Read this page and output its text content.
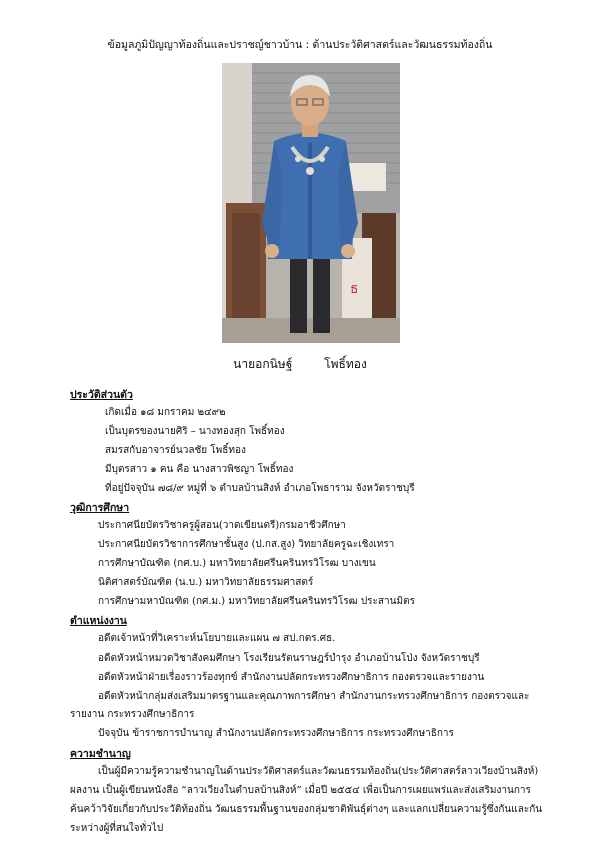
ข้อมูลภูมิปัญญาท้องถิ่นและปราชญ์ชาวบ้าน : ด้านประวัติศาสตร์และวัฒนธรรมท้องถิ่น
ธ
นายอกนิษฐ์	โพธิ์ทอง
ประวัติส่วนตัว
เกิดเมื่อ ๑๘ มกราคม ๒๔๙๒
เป็นบุตรของนายศิริ – นางทองสุก โพธิ์ทอง
สมรสกับอาจารย์นวลชัย โพธิ์ทอง
มีบุตรสาว ๑ คน คือ นางสาวพิชญา โพธิ์ทอง
ที่อยู่ปัจจุบัน ๗๘/๙ หมู่ที่ ๖ ตำบลบ้านสิงห์ อำเภอโพธาราม จังหวัดราชบุรี
วุฒิการศึกษา
ประกาศนียบัตรวิชาครูผู้สอน(วาดเขียนตรี)กรมอาชีวศึกษา
ประกาศนียบัตรวิชาการศึกษาชั้นสูง (ป.กส.สูง) วิทยาลัยครูฉะเชิงเทรา
การศึกษาบัณฑิต (กศ.บ.) มหาวิทยาลัยศรีนครินทรวิโรฒ บางเขน
นิติศาสตร์บัณฑิต (น.บ.) มหาวิทยาลัยธรรมศาสตร์
การศึกษามหาบัณฑิต (กศ.ม.) มหาวิทยาลัยศรีนครินทรวิโรฒ ประสานมิตร
ตำแหน่งงาน
อดีตเจ้าหน้าที่วิเคราะห์นโยบายและแผน ๗ สป.กตร.ศธ.
อดีตหัวหน้าหมวดวิชาสังคมศึกษา โรงเรียนรัตนราษฎร์บำรุง อำเภอบ้านโป่ง จังหวัดราชบุรี
อดีตหัวหน้าฝ่ายเรื่องราวร้องทุกข์ สำนักงานปลัดกระทรวงศึกษาธิการ กองตรวจและรายงาน
อดีตหัวหน้ากลุ่มส่งเสริมมาตรฐานและคุณภาพการศึกษา สำนักงานกระทรวงศึกษาธิการ กองตรวจและ
รายงาน กระทรวงศึกษาธิการ
ปัจจุบัน ข้าราชการบำนาญ สำนักงานปลัดกระทรวงศึกษาธิการ กระทรวงศึกษาธิการ
ความชำนาญ
เป็นผู้มีความรู้ความชำนาญในด้านประวัติศาสตร์และวัฒนธรรมท้องถิ่น(ประวัติศาสตร์ลาวเวียงบ้านสิงห์)
ผลงาน เป็นผู้เขียนหนังสือ “ลาวเวียงในตำบลบ้านสิงห์” เมื่อปี ๒๕๕๔ เพื่อเป็นการเผยแพร่และส่งเสริมงานการ
ค้นคว้าวิจัยเกี่ยวกับประวัติท้องถิ่น วัฒนธรรมพื้นฐานของกลุ่มชาติพันธุ์ต่างๆ และแลกเปลี่ยนความรู้ซึ่งกันและกัน
ระหว่างผู้ที่สนใจทั่วไป
